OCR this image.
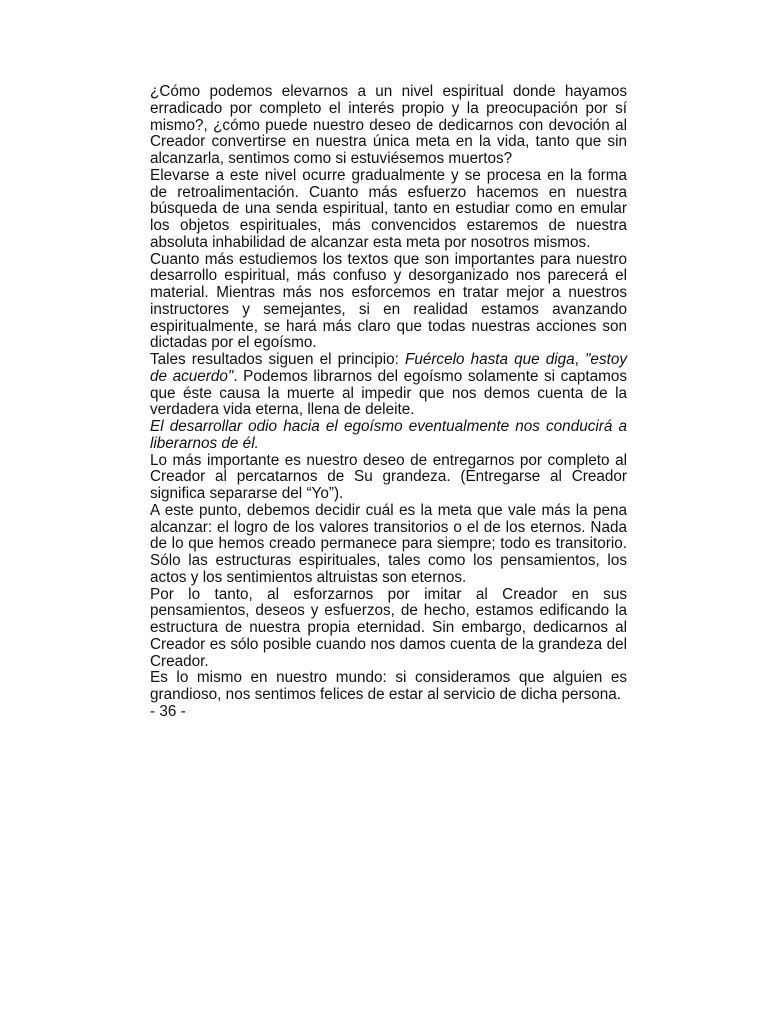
¿Cómo podemos elevarnos a un nivel espiritual donde hayamos erradicado por completo el interés propio y la preocupación por sí mismo?, ¿cómo puede nuestro deseo de dedicarnos con devoción al Creador convertirse en nuestra única meta en la vida, tanto que sin alcanzarla, sentimos como si estuviésemos muertos?

Elevarse a este nivel ocurre gradualmente y se procesa en la forma de retroalimentación. Cuanto más esfuerzo hacemos en nuestra búsqueda de una senda espiritual, tanto en estudiar como en emular los objetos espirituales, más convencidos estaremos de nuestra absoluta inhabilidad de alcanzar esta meta por nosotros mismos.

Cuanto más estudiemos los textos que son importantes para nuestro desarrollo espiritual, más confuso y desorganizado nos parecerá el material. Mientras más nos esforcemos en tratar mejor a nuestros instructores y semejantes, si en realidad estamos avanzando espiritualmente, se hará más claro que todas nuestras acciones son dictadas por el egoísmo.

Tales resultados siguen el principio: Fuércelo hasta que diga, "estoy de acuerdo". Podemos librarnos del egoísmo solamente si captamos que éste causa la muerte al impedir que nos demos cuenta de la verdadera vida eterna, llena de deleite.

El desarrollar odio hacia el egoísmo eventualmente nos conducirá a liberarnos de él.

Lo más importante es nuestro deseo de entregarnos por completo al Creador al percatarnos de Su grandeza. (Entregarse al Creador significa separarse del “Yo”).

A este punto, debemos decidir cuál es la meta que vale más la pena alcanzar: el logro de los valores transitorios o el de los eternos. Nada de lo que hemos creado permanece para siempre; todo es transitorio. Sólo las estructuras espirituales, tales como los pensamientos, los actos y los sentimientos altruistas son eternos.

Por lo tanto, al esforzarnos por imitar al Creador en sus pensamientos, deseos y esfuerzos, de hecho, estamos edificando la estructura de nuestra propia eternidad. Sin embargo, dedicarnos al Creador es sólo posible cuando nos damos cuenta de la grandeza del Creador.

Es lo mismo en nuestro mundo: si consideramos que alguien es grandioso, nos sentimos felices de estar al servicio de dicha persona.

- 36 -
